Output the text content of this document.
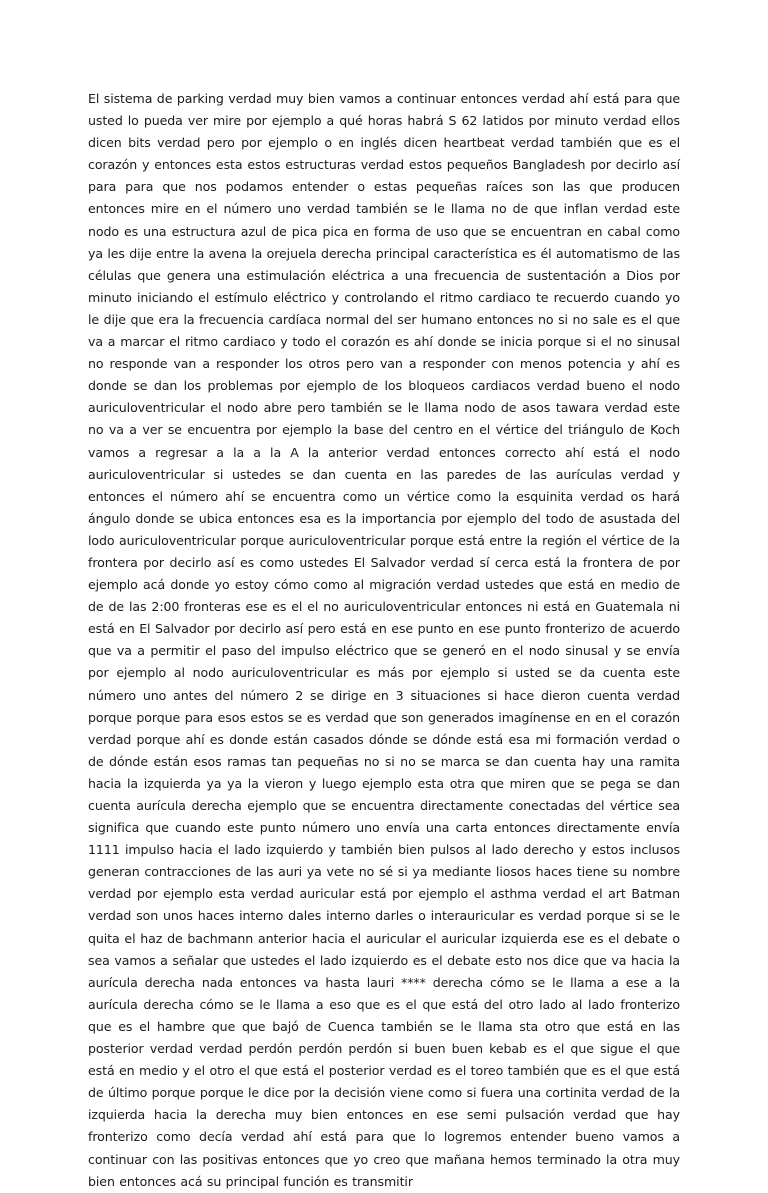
El sistema de parking verdad muy bien vamos a continuar entonces verdad ahí está para que usted lo pueda ver mire por ejemplo a qué horas habrá S 62 latidos por minuto verdad ellos dicen bits verdad pero por ejemplo o en inglés dicen heartbeat verdad también que es el corazón y entonces esta estos estructuras verdad estos pequeños Bangladesh por decirlo así para para que nos podamos entender o estas pequeñas raíces son las que producen entonces mire en el número uno verdad también se le llama no de que inflan verdad este nodo es una estructura azul de pica pica en forma de uso que se encuentran en cabal como ya les dije entre la avena la orejuela derecha principal característica es él automatismo de las células que genera una estimulación eléctrica a una frecuencia de sustentación a Dios por minuto iniciando el estímulo eléctrico y controlando el ritmo cardiaco te recuerdo cuando yo le dije que era la frecuencia cardíaca normal del ser humano entonces no si no sale es el que va a marcar el ritmo cardiaco y todo el corazón es ahí donde se inicia porque si el no sinusal no responde van a responder los otros pero van a responder con menos potencia y ahí es donde se dan los problemas por ejemplo de los bloqueos cardiacos verdad bueno el nodo auriculoventricular el nodo abre pero también se le llama nodo de asos tawara verdad este no va a ver se encuentra por ejemplo la base del centro en el vértice del triángulo de Koch vamos a regresar a la a la A la anterior verdad entonces correcto ahí está el nodo auriculoventricular si ustedes se dan cuenta en las paredes de las aurículas verdad y entonces el número ahí se encuentra como un vértice como la esquinita verdad os hará ángulo donde se ubica entonces esa es la importancia por ejemplo del todo de asustada del lodo auriculoventricular porque auriculoventricular porque está entre la región el vértice de la frontera por decirlo así es como ustedes El Salvador verdad sí cerca está la frontera de por ejemplo acá donde yo estoy cómo como al migración verdad ustedes que está en medio de de de las 2:00 fronteras ese es el el no auriculoventricular entonces ni está en Guatemala ni está en El Salvador por decirlo así pero está en ese punto en ese punto fronterizo de acuerdo que va a permitir el paso del impulso eléctrico que se generó en el nodo sinusal y se envía por ejemplo al nodo auriculoventricular es más por ejemplo si usted se da cuenta este número uno antes del número 2 se dirige en 3 situaciones si hace dieron cuenta verdad porque porque para esos estos se es verdad que son generados imagínense en en el corazón verdad porque ahí es donde están casados dónde se dónde está esa mi formación verdad o de dónde están esos ramas tan pequeñas no si no se marca se dan cuenta hay una ramita hacia la izquierda ya ya la vieron y luego ejemplo esta otra que miren que se pega se dan cuenta aurícula derecha ejemplo que se encuentra directamente conectadas del vértice sea significa que cuando este punto número uno envía una carta entonces directamente envía 1111 impulso hacia el lado izquierdo y también bien pulsos al lado derecho y estos inclusos generan contracciones de las auri ya vete no sé si ya mediante liosos haces tiene su nombre verdad por ejemplo esta verdad auricular está por ejemplo el asthma verdad el art Batman verdad son unos haces interno dales interno darles o interauricular es verdad porque si se le quita el haz de bachmann anterior hacia el auricular el auricular izquierda ese es el debate o sea vamos a señalar que ustedes el lado izquierdo es el debate esto nos dice que va hacia la aurícula derecha nada entonces va hasta lauri **** derecha cómo se le llama a ese a la aurícula derecha cómo se le llama a eso que es el que está del otro lado al lado fronterizo que es el hambre que que bajó de Cuenca también se le llama sta otro que está en las posterior verdad verdad perdón perdón perdón si buen buen kebab es el que sigue el que está en medio y el otro el que está el posterior verdad es el toreo también que es el que está de último porque porque le dice por la decisión viene como si fuera una cortinita verdad de la izquierda hacia la derecha muy bien entonces en ese semi pulsación verdad que hay fronterizo como decía verdad ahí está para que lo logremos entender bueno vamos a continuar con las positivas entonces que yo creo que mañana hemos terminado la otra muy bien entonces acá su principal función es transmitir
